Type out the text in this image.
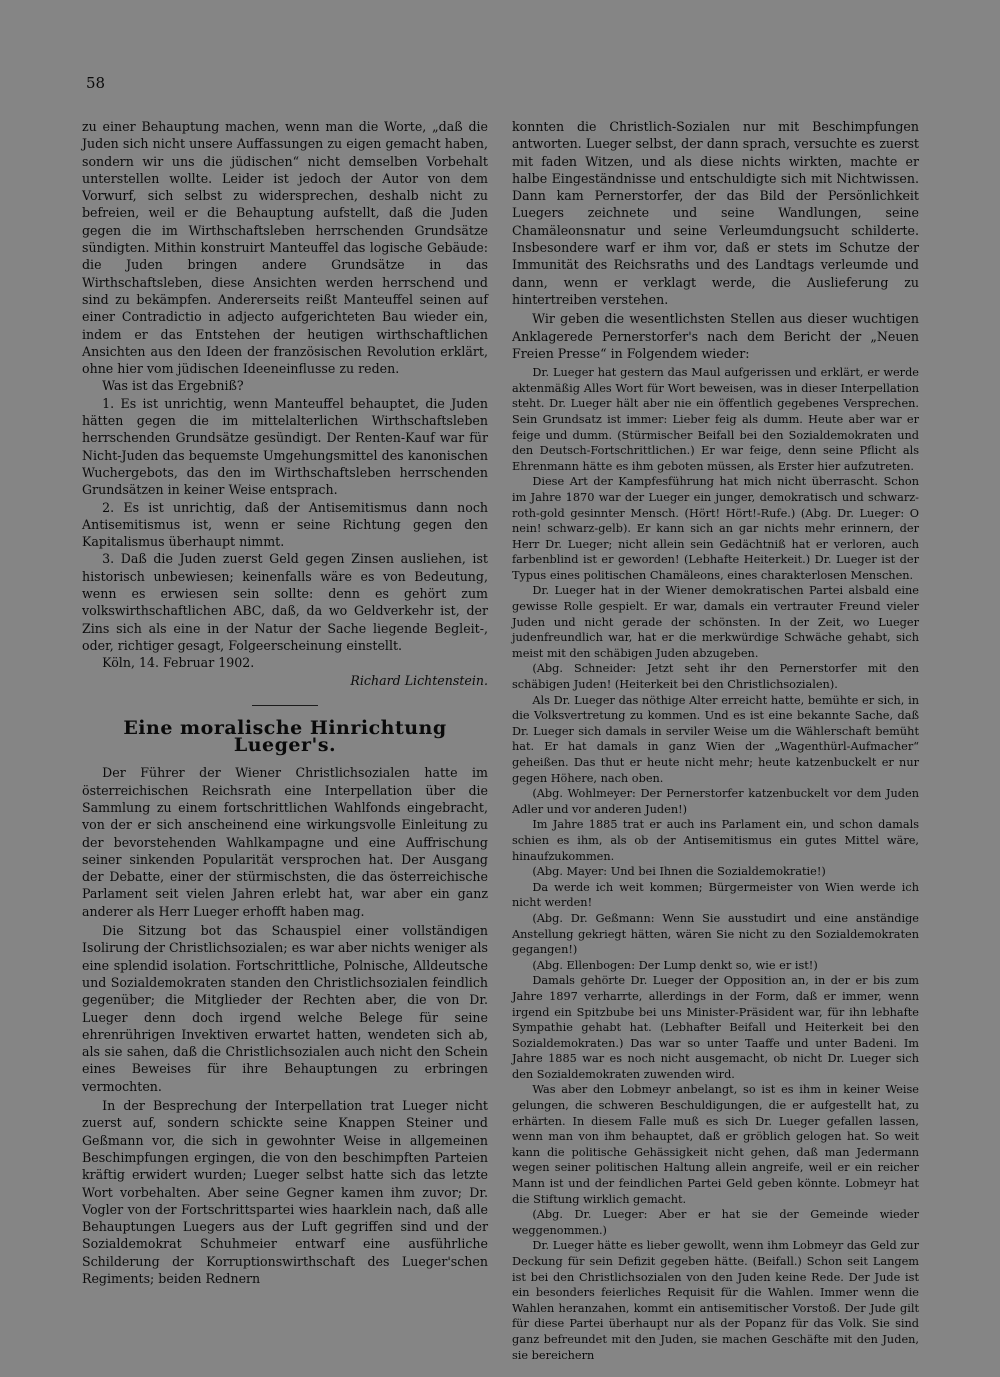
58

zu einer Behauptung machen, wenn man die Worte, „daß die Juden sich nicht unsere Auffassungen zu eigen gemacht haben, sondern wir uns die jüdischen“ nicht demselben Vorbehalt unterstellen wollte. Leider ist jedoch der Autor von dem Vorwurf, sich selbst zu widersprechen, deshalb nicht zu befreien, weil er die Behauptung aufstellt, daß die Juden gegen die im Wirthschaftsleben herrschenden Grundsätze sündigten. Mithin konstruirt Manteuffel das logische Gebäude: die Juden bringen andere Grundsätze in das Wirthschaftsleben, diese Ansichten werden herrschend und sind zu bekämpfen. Andererseits reißt Manteuffel seinen auf einer Contradictio in adjecto aufgerichteten Bau wieder ein, indem er das Entstehen der heutigen wirthschaftlichen Ansichten aus den Ideen der französischen Revolution erklärt, ohne hier vom jüdischen Ideeneinflusse zu reden.

Was ist das Ergebniß?

1. Es ist unrichtig, wenn Manteuffel behauptet, die Juden hätten gegen die im mittelalterlichen Wirthschaftsleben herrschenden Grundsätze gesündigt. Der Renten-Kauf war für Nicht-Juden das bequemste Umgehungsmittel des kanonischen Wuchergebots, das den im Wirthschaftsleben herrschenden Grundsätzen in keiner Weise entsprach.

2. Es ist unrichtig, daß der Antisemitismus dann noch Antisemitismus ist, wenn er seine Richtung gegen den Kapitalismus überhaupt nimmt.

3. Daß die Juden zuerst Geld gegen Zinsen ausliehen, ist historisch unbewiesen; keinenfalls wäre es von Bedeutung, wenn es erwiesen sein sollte: denn es gehört zum volkswirthschaftlichen ABC, daß, da wo Geldverkehr ist, der Zins sich als eine in der Natur der Sache liegende Begleit-, oder, richtiger gesagt, Folgeerscheinung einstellt.

Köln, 14. Februar 1902.

Richard Lichtenstein.

Eine moralische Hinrichtung Lueger's.

Der Führer der Wiener Christlichsozialen hatte im österreichischen Reichsrath eine Interpellation über die Sammlung zu einem fortschrittlichen Wahlfonds eingebracht, von der er sich anscheinend eine wirkungsvolle Einleitung zu der bevorstehenden Wahlkampagne und eine Auffrischung seiner sinkenden Popularität versprochen hat. Der Ausgang der Debatte, einer der stürmischsten, die das österreichische Parlament seit vielen Jahren erlebt hat, war aber ein ganz anderer als Herr Lueger erhofft haben mag.

Die Sitzung bot das Schauspiel einer vollständigen Isolirung der Christlichsozialen; es war aber nichts weniger als eine splendid isolation. Fortschrittliche, Polnische, Alldeutsche und Sozialdemokraten standen den Christlichsozialen feindlich gegenüber; die Mitglieder der Rechten aber, die von Dr. Lueger denn doch irgend welche Belege für seine ehrenrührigen Invektiven erwartet hatten, wendeten sich ab, als sie sahen, daß die Christlichsozialen auch nicht den Schein eines Beweises für ihre Behauptungen zu erbringen vermochten.

In der Besprechung der Interpellation trat Lueger nicht zuerst auf, sondern schickte seine Knappen Steiner und Geßmann vor, die sich in gewohnter Weise in allgemeinen Beschimpfungen ergingen, die von den beschimpften Parteien kräftig erwidert wurden; Lueger selbst hatte sich das letzte Wort vorbehalten. Aber seine Gegner kamen ihm zuvor; Dr. Vogler von der Fortschrittspartei wies haarklein nach, daß alle Behauptungen Luegers aus der Luft gegriffen sind und der Sozialdemokrat Schuhmeier entwarf eine ausführliche Schilderung der Korruptionswirthschaft des Lueger'schen Regiments; beiden Rednern

konnten die Christlich-Sozialen nur mit Beschimpfungen antworten. Lueger selbst, der dann sprach, versuchte es zuerst mit faden Witzen, und als diese nichts wirkten, machte er halbe Eingeständnisse und entschuldigte sich mit Nichtwissen. Dann kam Pernerstorfer, der das Bild der Persönlichkeit Luegers zeichnete und seine Wandlungen, seine Chamäleonsnatur und seine Verleumdungsucht schilderte. Insbesondere warf er ihm vor, daß er stets im Schutze der Immunität des Reichsraths und des Landtags verleumde und dann, wenn er verklagt werde, die Auslieferung zu hintertreiben verstehen.

Wir geben die wesentlichsten Stellen aus dieser wuchtigen Anklagerede Pernerstorfer's nach dem Bericht der „Neuen Freien Presse“ in Folgendem wieder:

Dr. Lueger hat gestern das Maul aufgerissen und erklärt, er werde aktenmäßig Alles Wort für Wort beweisen, was in dieser Interpellation steht. Dr. Lueger hält aber nie ein öffentlich gegebenes Versprechen. Sein Grundsatz ist immer: Lieber feig als dumm. Heute aber war er feige und dumm. (Stürmischer Beifall bei den Sozialdemokraten und den Deutsch-Fortschrittlichen.) Er war feige, denn seine Pflicht als Ehrenmann hätte es ihm geboten müssen, als Erster hier aufzutreten.

Diese Art der Kampfesführung hat mich nicht überrascht. Schon im Jahre 1870 war der Lueger ein junger, demokratisch und schwarz-roth-gold gesinnter Mensch. (Hört! Hört!-Rufe.) (Abg. Dr. Lueger: O nein! schwarz-gelb). Er kann sich an gar nichts mehr erinnern, der Herr Dr. Lueger; nicht allein sein Gedächtniß hat er verloren, auch farbenblind ist er geworden! (Lebhafte Heiterkeit.) Dr. Lueger ist der Typus eines politischen Chamäleons, eines charakterlosen Menschen.

Dr. Lueger hat in der Wiener demokratischen Partei alsbald eine gewisse Rolle gespielt. Er war, damals ein vertrauter Freund vieler Juden und nicht gerade der schönsten. In der Zeit, wo Lueger judenfreundlich war, hat er die merkwürdige Schwäche gehabt, sich meist mit den schäbigen Juden abzugeben.

(Abg. Schneider: Jetzt seht ihr den Pernerstorfer mit den schäbigen Juden! (Heiterkeit bei den Christlichsozialen).

Als Dr. Lueger das nöthige Alter erreicht hatte, bemühte er sich, in die Volksvertretung zu kommen. Und es ist eine bekannte Sache, daß Dr. Lueger sich damals in serviler Weise um die Wählerschaft bemüht hat. Er hat damals in ganz Wien der „Wagenthürl-Aufmacher“ geheißen. Das thut er heute nicht mehr; heute katzenbuckelt er nur gegen Höhere, nach oben.

(Abg. Wohlmeyer: Der Pernerstorfer katzenbuckelt vor dem Juden Adler und vor anderen Juden!)

Im Jahre 1885 trat er auch ins Parlament ein, und schon damals schien es ihm, als ob der Antisemitismus ein gutes Mittel wäre, hinaufzukommen.

(Abg. Mayer: Und bei Ihnen die Sozialdemokratie!)

Da werde ich weit kommen; Bürgermeister von Wien werde ich nicht werden!

(Abg. Dr. Geßmann: Wenn Sie ausstudirt und eine anständige Anstellung gekriegt hätten, wären Sie nicht zu den Sozialdemokraten gegangen!)

(Abg. Ellenbogen: Der Lump denkt so, wie er ist!)

Damals gehörte Dr. Lueger der Opposition an, in der er bis zum Jahre 1897 verharrte, allerdings in der Form, daß er immer, wenn irgend ein Spitzbube bei uns Minister-Präsident war, für ihn lebhafte Sympathie gehabt hat. (Lebhafter Beifall und Heiterkeit bei den Sozialdemokraten.) Das war so unter Taaffe und unter Badeni. Im Jahre 1885 war es noch nicht ausgemacht, ob nicht Dr. Lueger sich den Sozialdemokraten zuwenden wird.

Was aber den Lobmeyr anbelangt, so ist es ihm in keiner Weise gelungen, die schweren Beschuldigungen, die er aufgestellt hat, zu erhärten. In diesem Falle muß es sich Dr. Lueger gefallen lassen, wenn man von ihm behauptet, daß er gröblich gelogen hat. So weit kann die politische Gehässigkeit nicht gehen, daß man Jedermann wegen seiner politischen Haltung allein angreife, weil er ein reicher Mann ist und der feindlichen Partei Geld geben könnte. Lobmeyr hat die Stiftung wirklich gemacht.

(Abg. Dr. Lueger: Aber er hat sie der Gemeinde wieder weggenommen.)

Dr. Lueger hätte es lieber gewollt, wenn ihm Lobmeyr das Geld zur Deckung für sein Defizit gegeben hätte. (Beifall.) Schon seit Langem ist bei den Christlichsozialen von den Juden keine Rede. Der Jude ist ein besonders feierliches Requisit für die Wahlen. Immer wenn die Wahlen heranzahen, kommt ein antisemitischer Vorstoß. Der Jude gilt für diese Partei überhaupt nur als der Popanz für das Volk. Sie sind ganz befreundet mit den Juden, sie machen Geschäfte mit den Juden, sie bereichern
